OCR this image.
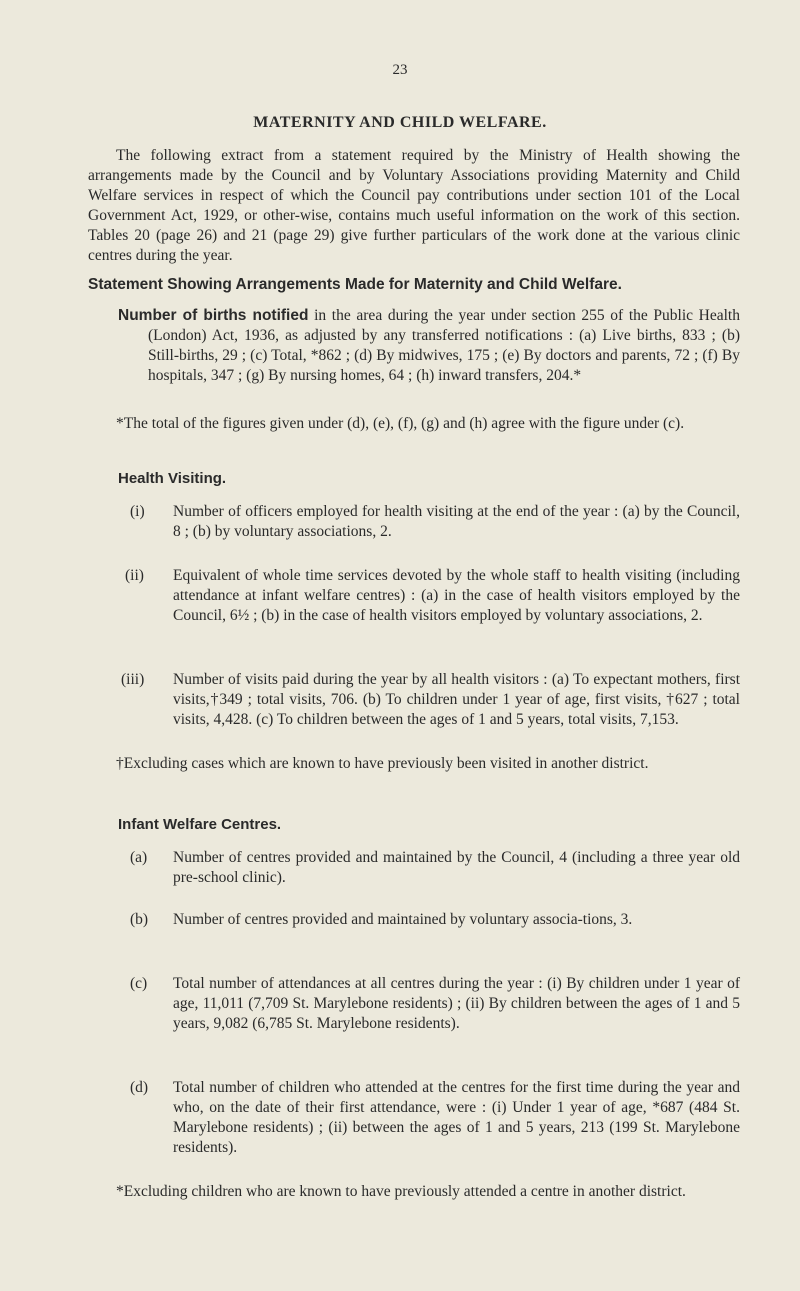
23
MATERNITY AND CHILD WELFARE.
The following extract from a statement required by the Ministry of Health showing the arrangements made by the Council and by Voluntary Associations providing Maternity and Child Welfare services in respect of which the Council pay contributions under section 101 of the Local Government Act, 1929, or other-wise, contains much useful information on the work of this section. Tables 20 (page 26) and 21 (page 29) give further particulars of the work done at the various clinic centres during the year.
Statement Showing Arrangements Made for Maternity and Child Welfare.
Number of births notified in the area during the year under section 255 of the Public Health (London) Act, 1936, as adjusted by any transferred notifications : (a) Live births, 833 ; (b) Still-births, 29 ; (c) Total, *862 ; (d) By midwives, 175 ; (e) By doctors and parents, 72 ; (f) By hospitals, 347 ; (g) By nursing homes, 64 ; (h) inward transfers, 204.*
*The total of the figures given under (d), (e), (f), (g) and (h) agree with the figure under (c).
Health Visiting.
(i) Number of officers employed for health visiting at the end of the year : (a) by the Council, 8 ; (b) by voluntary associations, 2.
(ii) Equivalent of whole time services devoted by the whole staff to health visiting (including attendance at infant welfare centres) : (a) in the case of health visitors employed by the Council, 6½ ; (b) in the case of health visitors employed by voluntary associations, 2.
(iii) Number of visits paid during the year by all health visitors : (a) To expectant mothers, first visits,†349 ; total visits, 706. (b) To children under 1 year of age, first visits, †627 ; total visits, 4,428. (c) To children between the ages of 1 and 5 years, total visits, 7,153.
†Excluding cases which are known to have previously been visited in another district.
Infant Welfare Centres.
(a) Number of centres provided and maintained by the Council, 4 (including a three year old pre-school clinic).
(b) Number of centres provided and maintained by voluntary associa-tions, 3.
(c) Total number of attendances at all centres during the year : (i) By children under 1 year of age, 11,011 (7,709 St. Marylebone residents) ; (ii) By children between the ages of 1 and 5 years, 9,082 (6,785 St. Marylebone residents).
(d) Total number of children who attended at the centres for the first time during the year and who, on the date of their first attendance, were : (i) Under 1 year of age, *687 (484 St. Marylebone residents) ; (ii) between the ages of 1 and 5 years, 213 (199 St. Marylebone residents).
*Excluding children who are known to have previously attended a centre in another district.
